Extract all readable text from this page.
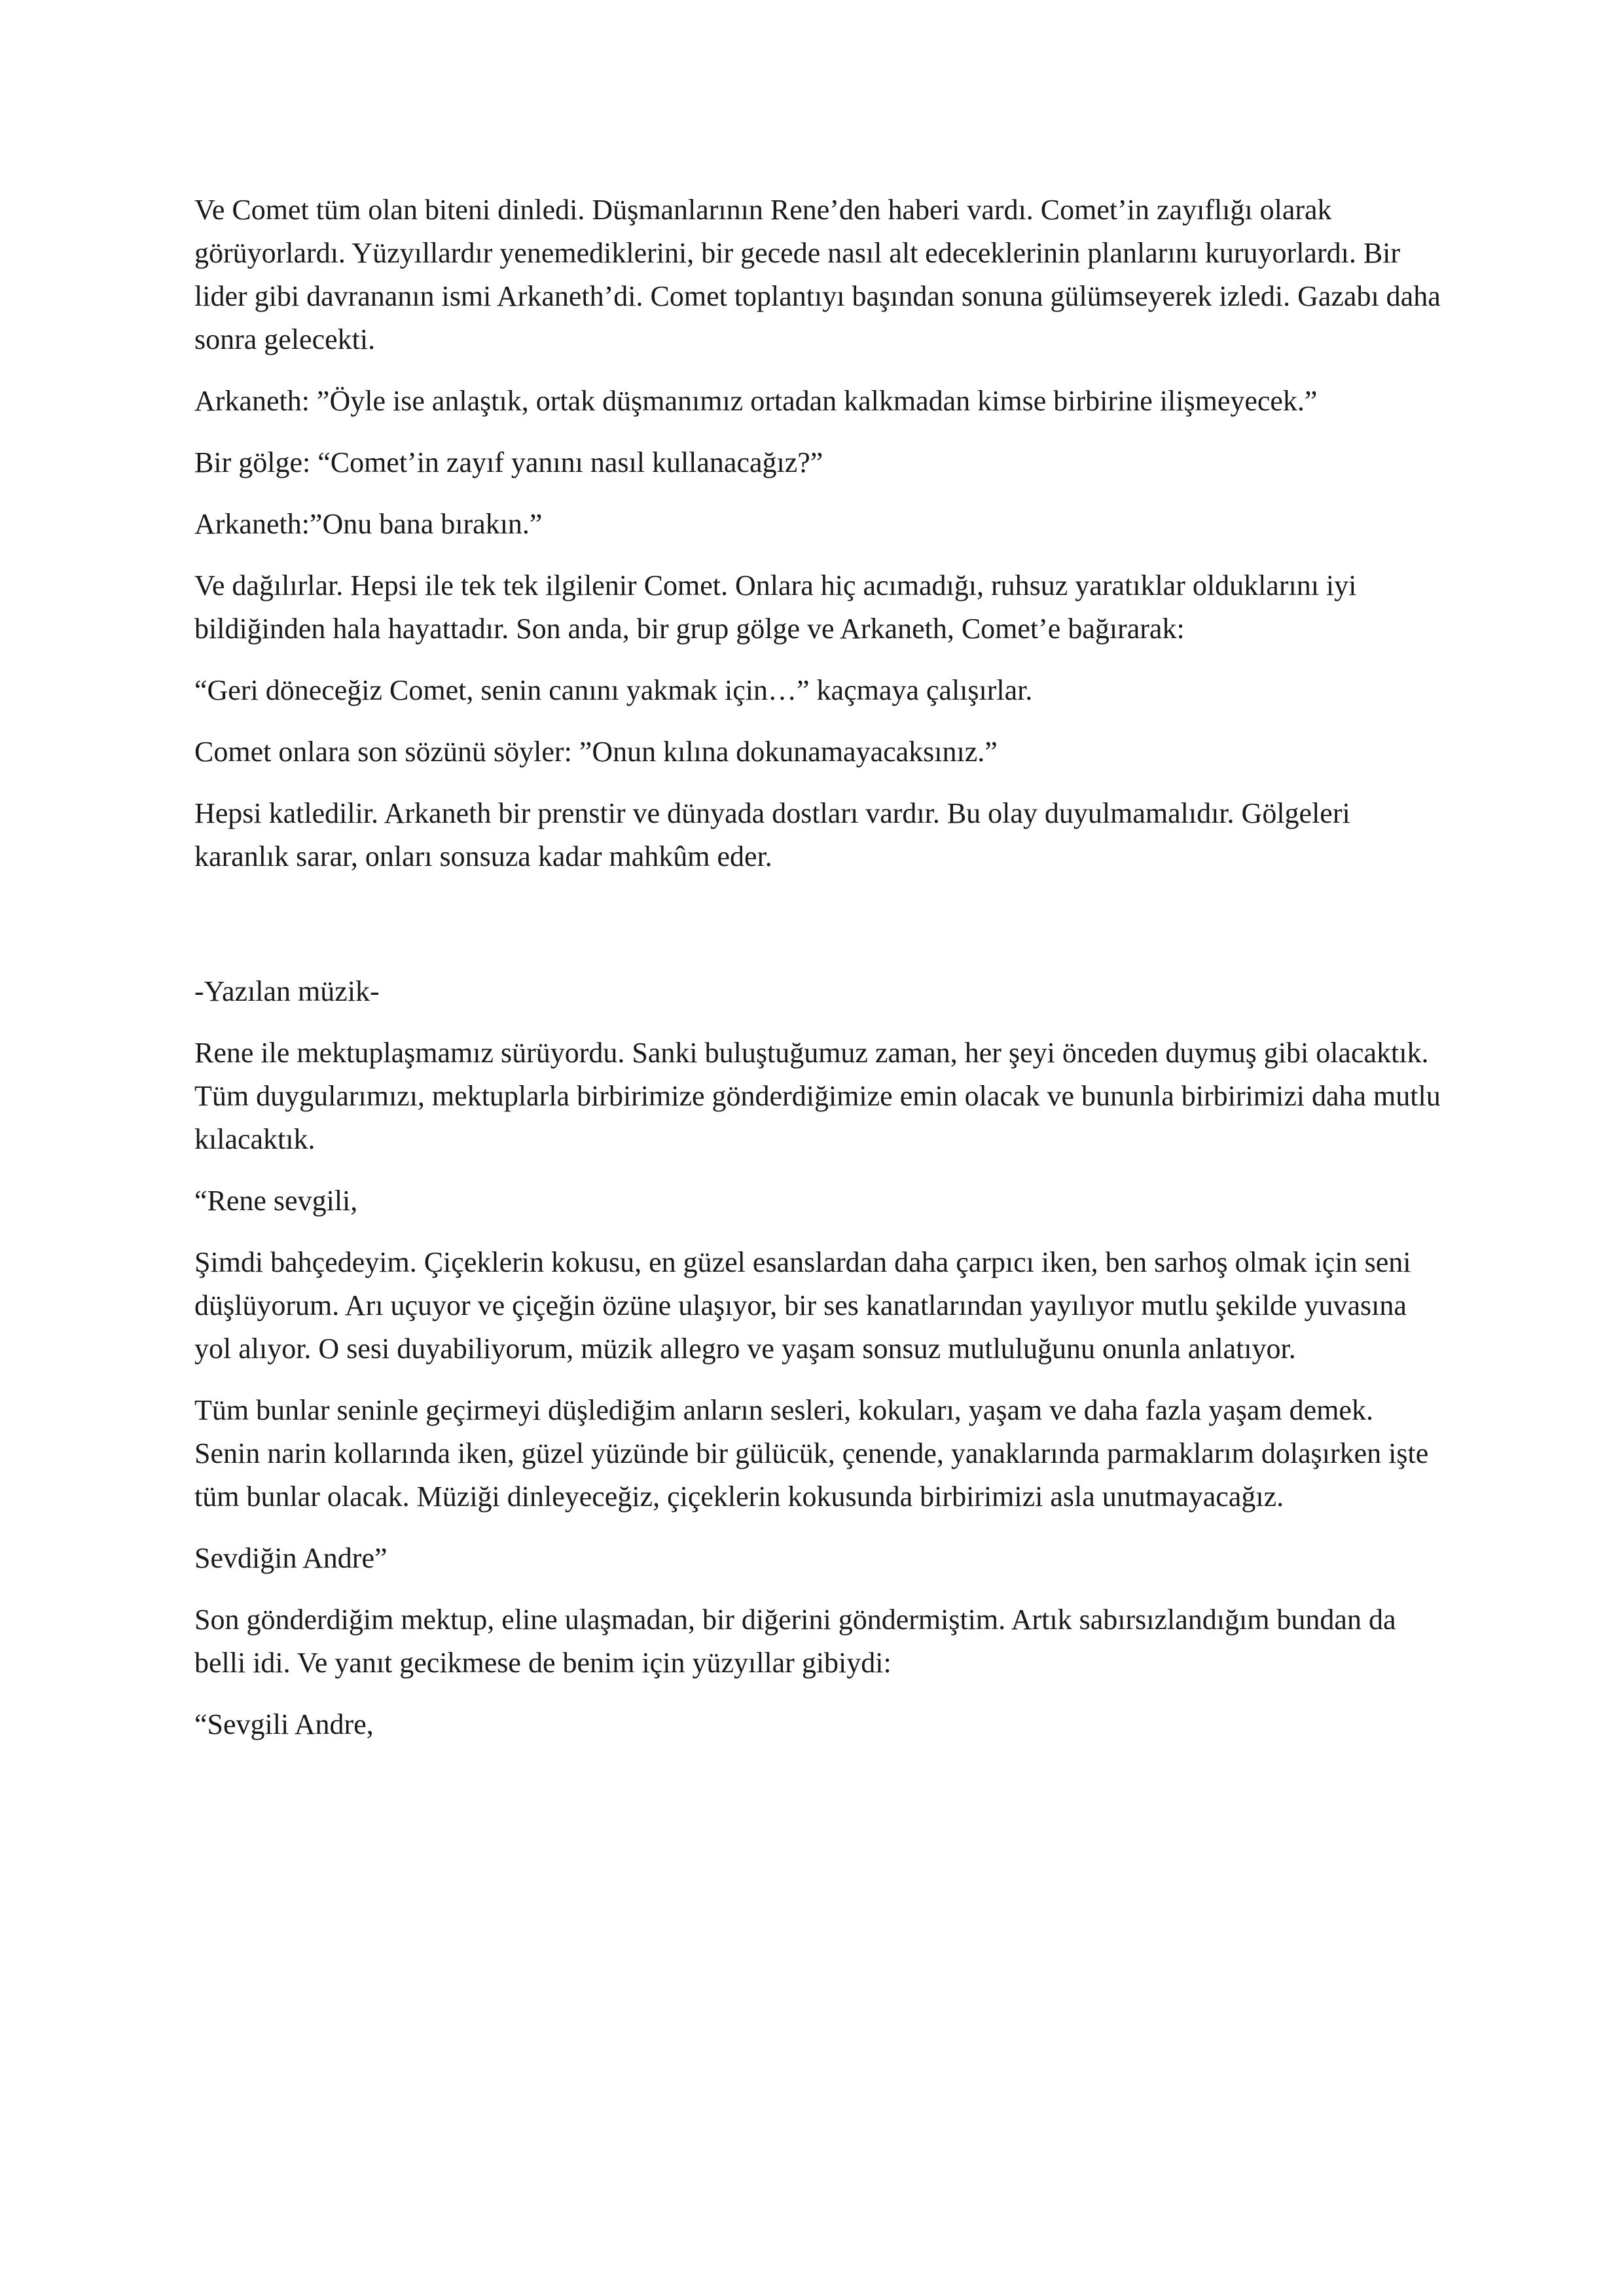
Ve Comet tüm olan biteni dinledi. Düşmanlarının Rene’den haberi vardı. Comet’in zayıflığı olarak görüyorlardı. Yüzyıllardır yenemediklerini, bir gecede nasıl alt edeceklerinin planlarını kuruyorlardı. Bir lider gibi davrananın ismi Arkaneth’di. Comet toplantıyı başından sonuna gülümseyerek izledi. Gazabı daha sonra gelecekti.

Arkaneth: ”Öyle ise anlaştık, ortak düşmanımız ortadan kalkmadan kimse birbirine ilişmeyecek.”

Bir gölge: “Comet’in zayıf yanını nasıl kullanacağız?”

Arkaneth:”Onu bana bırakın.”

Ve dağılırlar. Hepsi ile tek tek ilgilenir Comet. Onlara hiç acımadığı, ruhsuz yaratıklar olduklarını iyi bildiğinden hala hayattadır. Son anda, bir grup gölge ve Arkaneth, Comet’e bağırarak:

“Geri döneceğiz Comet, senin canını yakmak için…” kaçmaya çalışırlar.

Comet onlara son sözünü söyler: ”Onun kılına dokunamayacaksınız.”

Hepsi katledilir. Arkaneth bir prenstir ve dünyada dostları vardır. Bu olay duyulmamalıdır. Gölgeleri karanlık sarar, onları sonsuza kadar mahkûm eder.

-Yazılan müzik-

Rene ile mektuplaşmamız sürüyordu. Sanki buluştuğumuz zaman, her şeyi önceden duymuş gibi olacaktık. Tüm duygularımızı, mektuplarla birbirimize gönderdiğimize emin olacak ve bununla birbirimizi daha mutlu kılacaktık.

“Rene sevgili,

Şimdi bahçedeyim. Çiçeklerin kokusu, en güzel esanslardan daha çarpıcı iken, ben sarhoş olmak için seni düşlüyorum. Arı uçuyor ve çiçeğin özüne ulaşıyor, bir ses kanatlarından yayılıyor mutlu şekilde yuvasına yol alıyor. O sesi duyabiliyorum, müzik allegro ve yaşam sonsuz mutluluğunu onunla anlatıyor.

Tüm bunlar seninle geçirmeyi düşlediğim anların sesleri, kokuları, yaşam ve daha fazla yaşam demek. Senin narin kollarında iken, güzel yüzünde bir gülücük, çenende, yanaklarında parmaklarım dolaşırken işte tüm bunlar olacak. Müziği dinleyeceğiz, çiçeklerin kokusunda birbirimizi asla unutmayacağız.

Sevdiğin Andre”

Son gönderdiğim mektup, eline ulaşmadan, bir diğerini göndermiştim. Artık sabırsızlandığım bundan da belli idi. Ve yanıt gecikmese de benim için yüzyıllar gibiydi:

“Sevgili Andre,
